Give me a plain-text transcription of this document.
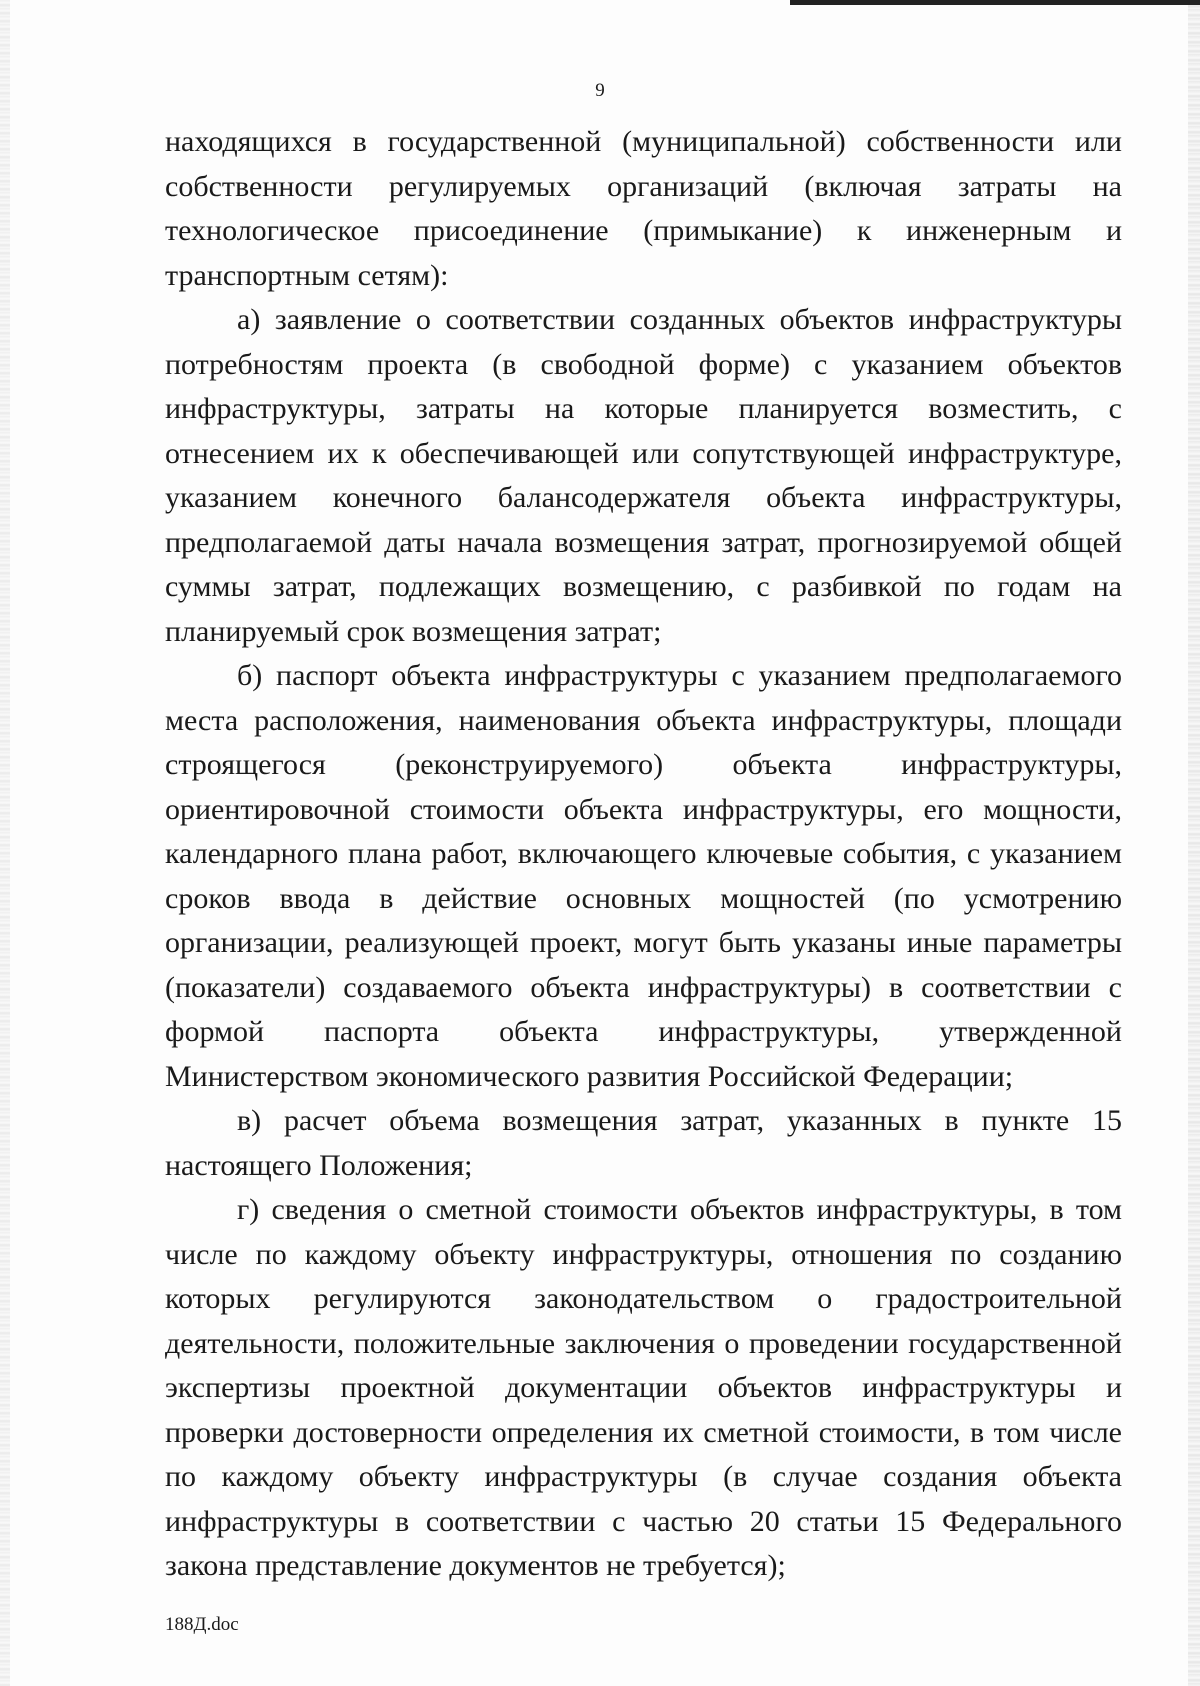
9

находящихся в государственной (муниципальной) собственности или собственности регулируемых организаций (включая затраты на технологическое присоединение (примыкание) к инженерным и транспортным сетям):

а) заявление о соответствии созданных объектов инфраструктуры потребностям проекта (в свободной форме) с указанием объектов инфраструктуры, затраты на которые планируется возместить, с отнесением их к обеспечивающей или сопутствующей инфраструктуре, указанием конечного балансодержателя объекта инфраструктуры, предполагаемой даты начала возмещения затрат, прогнозируемой общей суммы затрат, подлежащих возмещению, с разбивкой по годам на планируемый срок возмещения затрат;

б) паспорт объекта инфраструктуры с указанием предполагаемого места расположения, наименования объекта инфраструктуры, площади строящегося (реконструируемого) объекта инфраструктуры, ориентировочной стоимости объекта инфраструктуры, его мощности, календарного плана работ, включающего ключевые события, с указанием сроков ввода в действие основных мощностей (по усмотрению организации, реализующей проект, могут быть указаны иные параметры (показатели) создаваемого объекта инфраструктуры) в соответствии с формой паспорта объекта инфраструктуры, утвержденной Министерством экономического развития Российской Федерации;

в) расчет объема возмещения затрат, указанных в пункте 15 настоящего Положения;

г) сведения о сметной стоимости объектов инфраструктуры, в том числе по каждому объекту инфраструктуры, отношения по созданию которых регулируются законодательством о градостроительной деятельности, положительные заключения о проведении государственной экспертизы проектной документации объектов инфраструктуры и проверки достоверности определения их сметной стоимости, в том числе по каждому объекту инфраструктуры (в случае создания объекта инфраструктуры в соответствии с частью 20 статьи 15 Федерального закона представление документов не требуется);

188Д.doc
